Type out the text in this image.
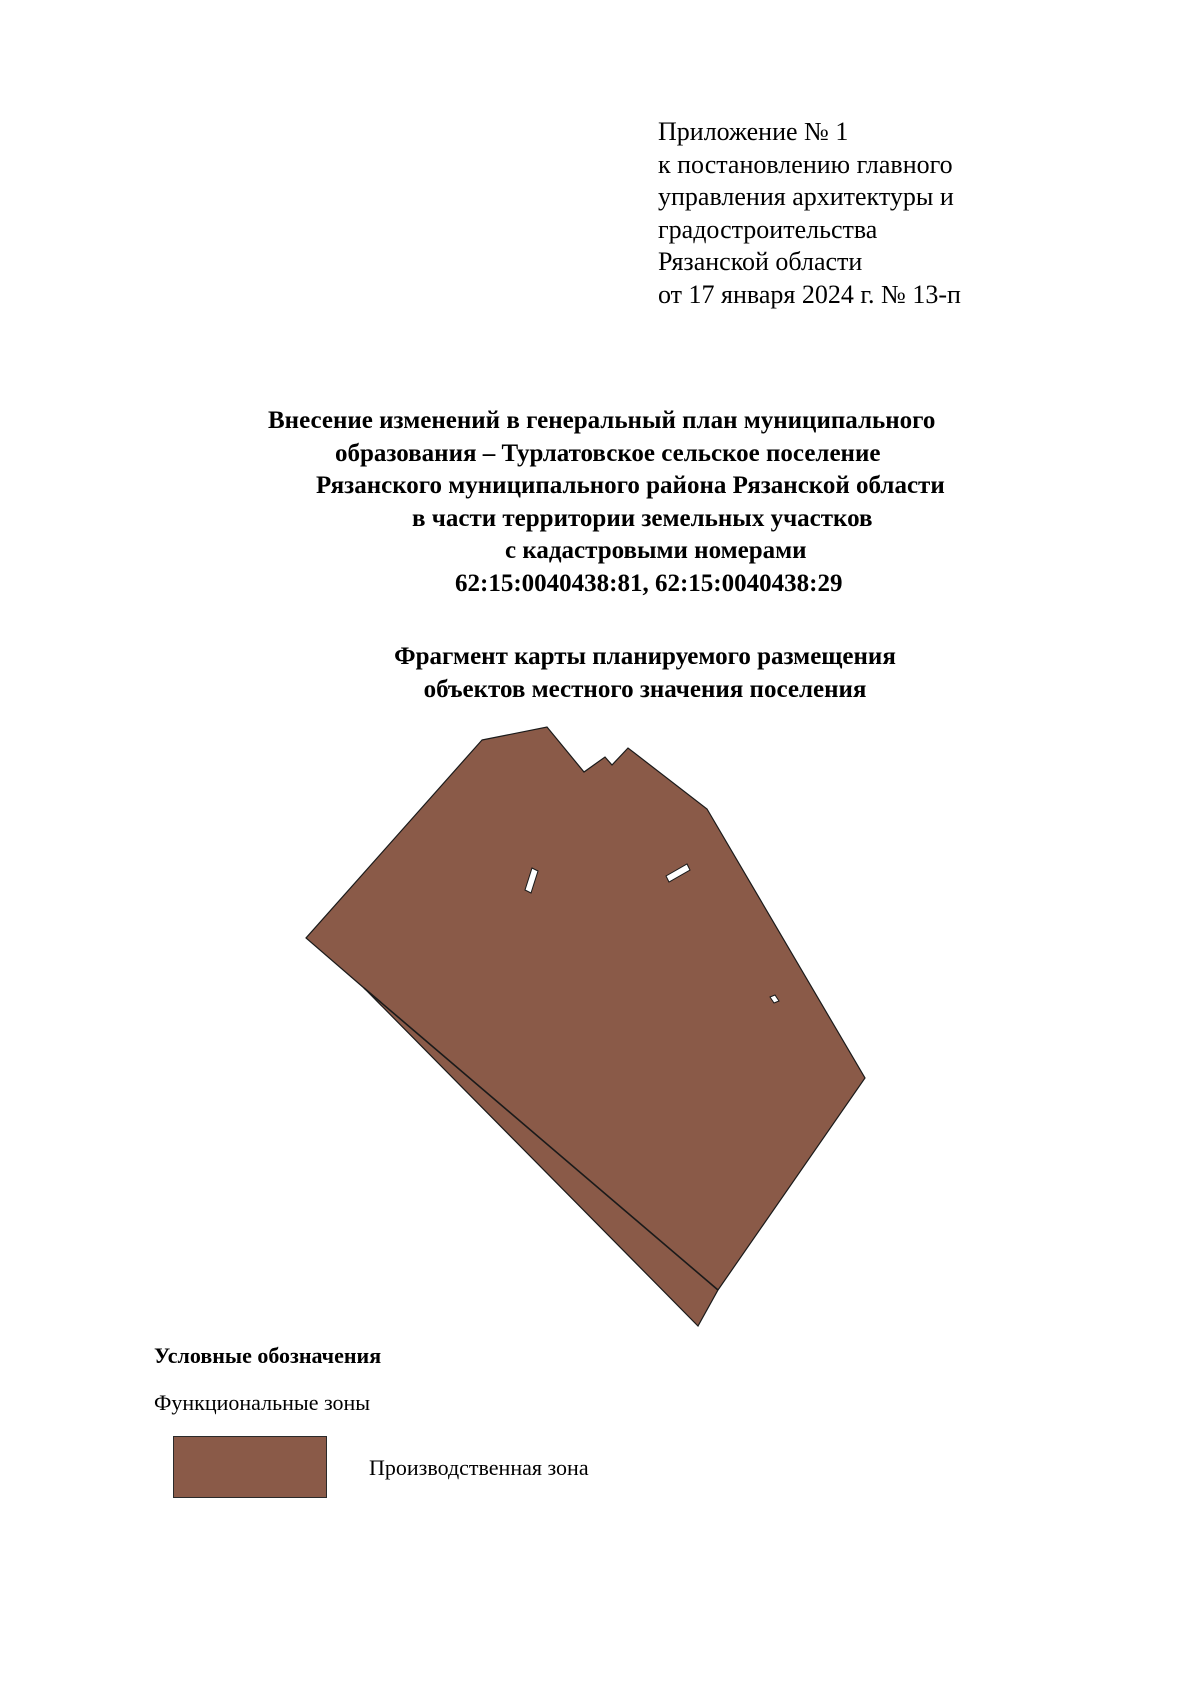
Приложение № 1
к постановлению главного
управления архитектуры и
градостроительства
Рязанской области
от 17 января 2024 г. № 13-п
Внесение изменений в генеральный план муниципального
образования – Турлатовское сельское поселение
Рязанского муниципального района Рязанской области
в части территории земельных участков
с кадастровыми номерами
62:15:0040438:81, 62:15:0040438:29
Фрагмент карты планируемого размещения
объектов местного значения поселения
Условные обозначения
Функциональные зоны
Производственная зона
